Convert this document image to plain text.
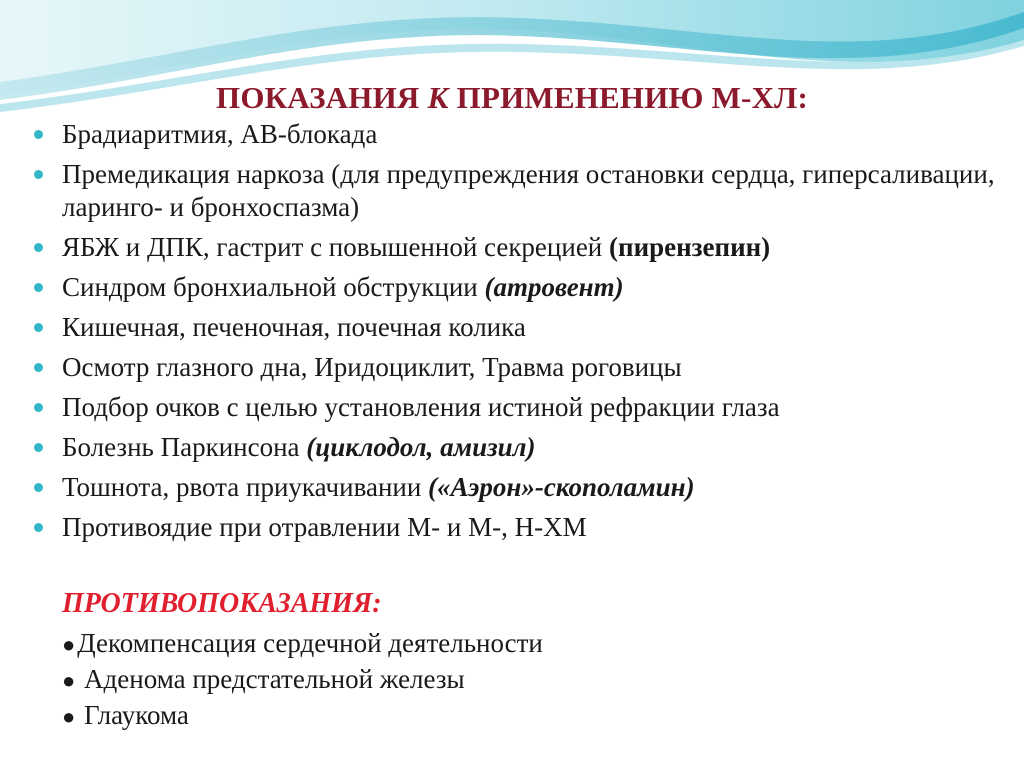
ПОКАЗАНИЯ К ПРИМЕНЕНИЮ М-ХЛ:
Брадиаритмия, АВ-блокада
Премедикация наркоза (для предупреждения остановки сердца, гиперсаливации, ларинго- и бронхоспазма)
ЯБЖ и ДПК, гастрит с повышенной секрецией (пирензепин)
Синдром бронхиальной обструкции (атровент)
Кишечная, печеночная, почечная колика
Осмотр глазного дна, Иридоциклит, Травма роговицы
Подбор очков с целью установления истиной рефракции глаза
Болезнь Паркинсона (циклодол, амизил)
Тошнота, рвота приукачивании («Аэрон»-скополамин)
Противоядие при отравлении М- и М-, Н-ХМ
ПРОТИВОПОКАЗАНИЯ:
●Декомпенсация сердечной деятельности
● Аденома предстательной железы
● Глаукома
